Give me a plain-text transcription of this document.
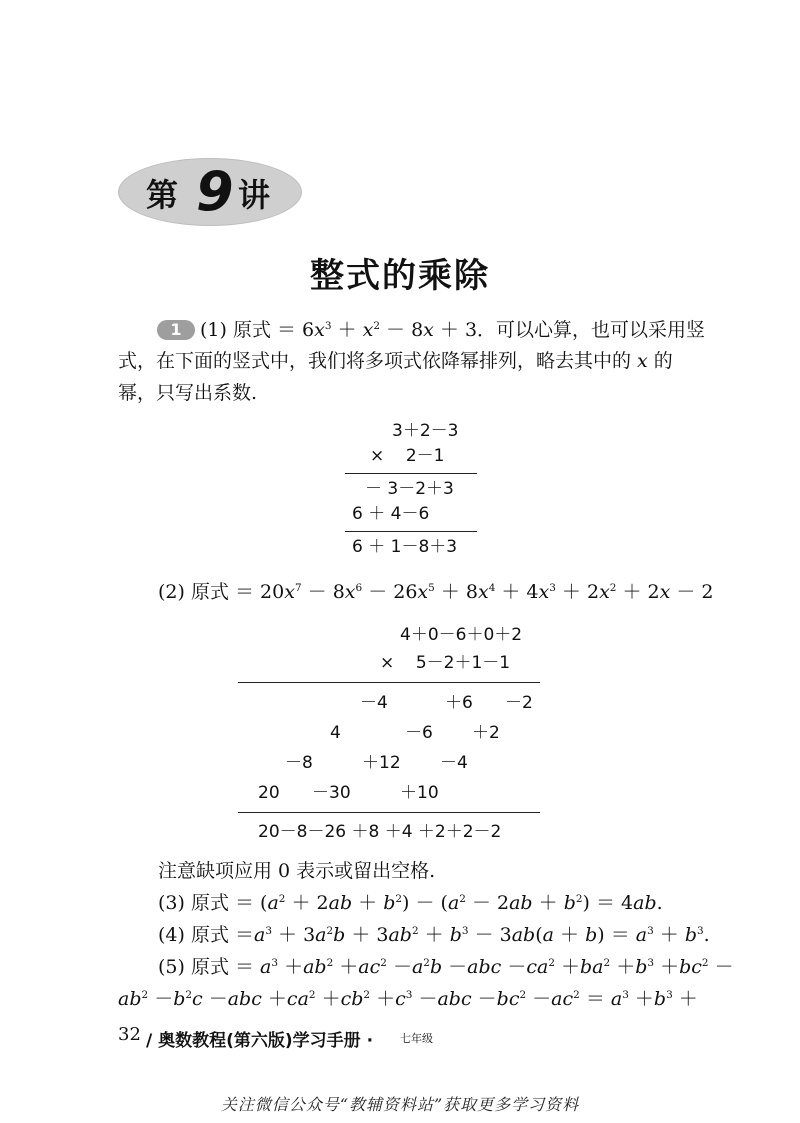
第 9 讲
整式的乘除
1 (1) 原式 ＝ $6x^3 + x^2 - 8x + 3$．可以心算，也可以采用竖
式，在下面的竖式中，我们将多项式依降幂排列，略去其中的 x 的
幂，只写出系数.
3＋2－3
×    2－1
－ 3－2＋3
6 ＋ 4－6
6 ＋ 1－8＋3
(2) 原式 ＝ $20x^7 - 8x^6 - 26x^5 + 8x^4 + 4x^3 + 2x^2 + 2x - 2$
4＋0－6＋0＋2
×    5－2＋1－1
－4	＋6 －2
4	－6 ＋2
－8	＋12 －4
20 －30	＋10
20－8－26 ＋8 ＋4 ＋2＋2－2
注意缺项应用 0 表示或留出空格.
(3) 原式 ＝ $(a^2 + 2ab + b^2) - (a^2 - 2ab + b^2) = 4ab$.
(4) 原式 $=a^3 + 3a^2b + 3ab^2 + b^3 - 3ab(a + b) = a^3 + b^3$.
(5) 原式 ＝ $a^3 +ab^2 +ac^2 -a^2b -abc -ca^2 +ba^2 +b^3 +bc^2$ －
$ab^2 -b^2c -abc +ca^2 +cb^2 +c^3 -abc -bc^2 -ac^2 = a^3 +b^3$ ＋
32 / 奥数教程(第六版)学习手册 · 七年级
关注微信公众号“教辅资料站”获取更多学习资料
